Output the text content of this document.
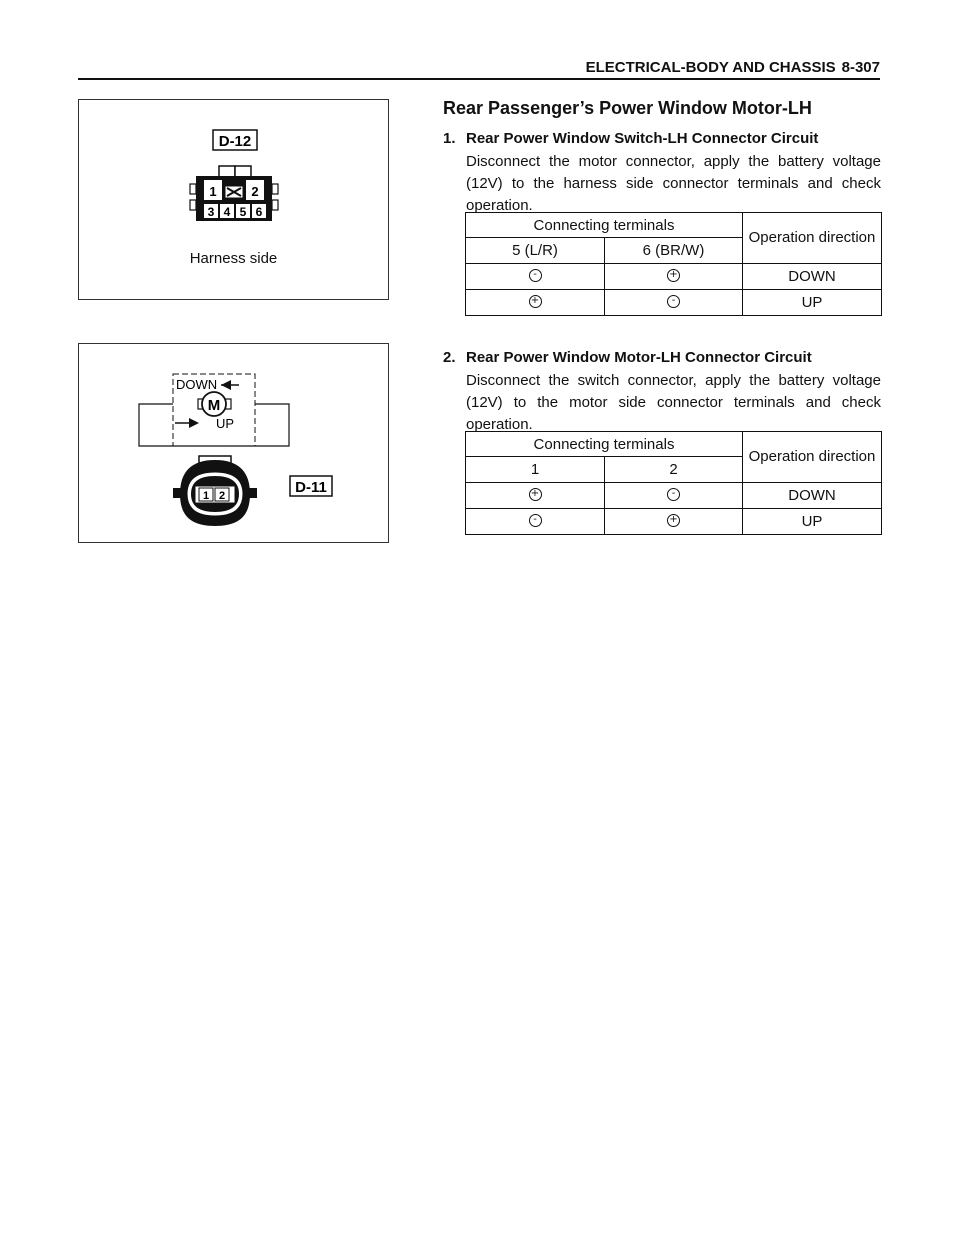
ELECTRICAL-BODY AND CHASSIS 8-307
D-12
1	2
3 4 5 6
Harness side
DOWN
M
UP
1 2	D-11
Rear Passenger’s Power Window Motor-LH
1. Rear Power Window Switch-LH Connector Circuit
Disconnect the motor connector, apply the battery voltage (12V) to the harness side connector terminals and check operation.
Connecting terminals		Operation direction
5 (L/R)	6 (BR/W)	
-	+	DOWN
+	-	UP
2. Rear Power Window Motor-LH Connector Circuit
Disconnect the switch connector, apply the battery voltage (12V) to the motor side connector terminals and check operation.
Connecting terminals		Operation direction
1	2	
+	-	DOWN
-	+	UP
